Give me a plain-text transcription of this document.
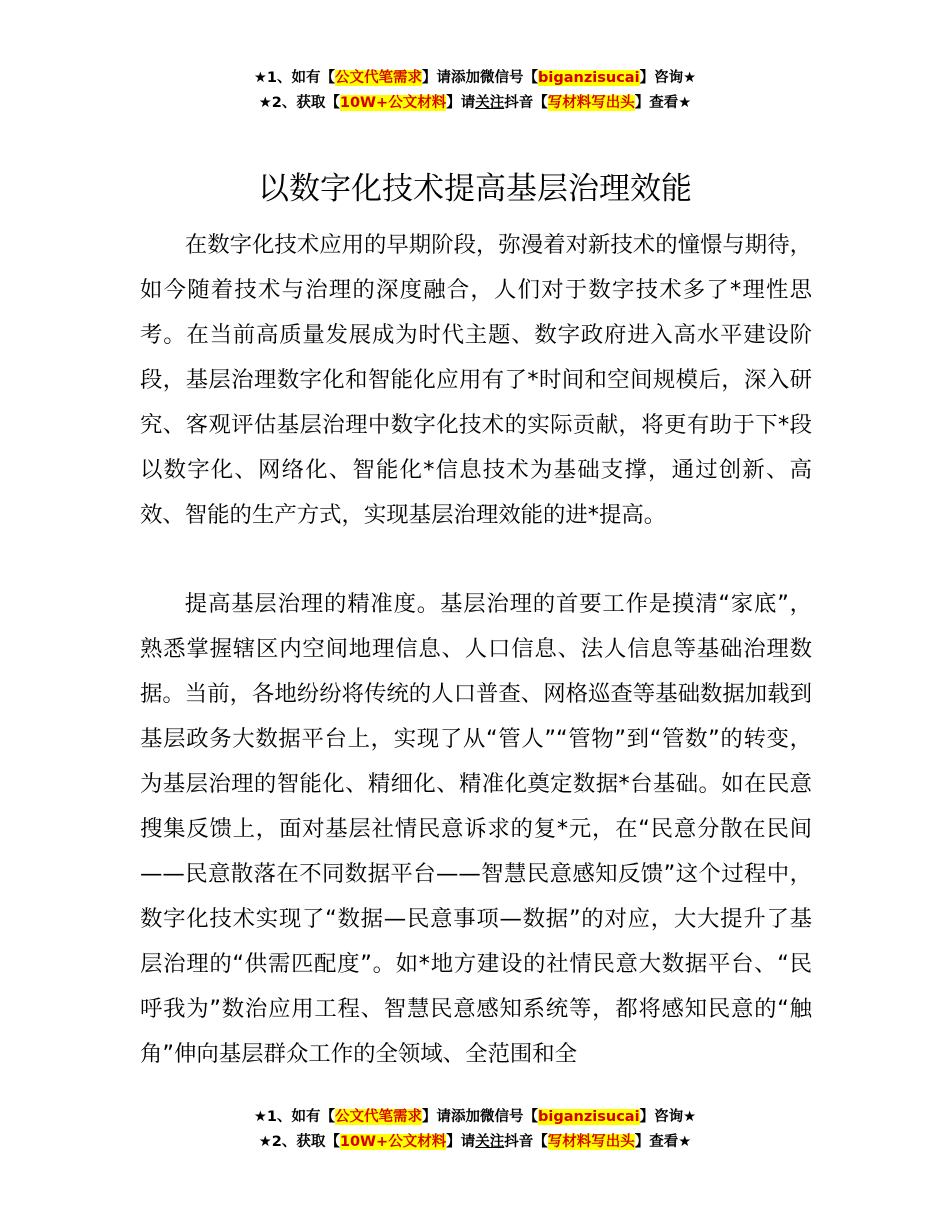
★1、如有【公文代笔需求】请添加微信号【biganzisucai】咨询★
★2、获取【10W+公文材料】请关注抖音【写材料写出头】查看★
以数字化技术提高基层治理效能

在数字化技术应用的早期阶段，弥漫着对新技术的憧憬与期待，如今随着技术与治理的深度融合，人们对于数字技术多了*理性思考。在当前高质量发展成为时代主题、数字政府进入高水平建设阶段，基层治理数字化和智能化应用有了*时间和空间规模后，深入研究、客观评估基层治理中数字化技术的实际贡献，将更有助于下*段以数字化、网络化、智能化*信息技术为基础支撑，通过创新、高效、智能的生产方式，实现基层治理效能的进*提高。

提高基层治理的精准度。基层治理的首要工作是摸清“家底”，熟悉掌握辖区内空间地理信息、人口信息、法人信息等基础治理数据。当前，各地纷纷将传统的人口普查、网格巡查等基础数据加载到基层政务大数据平台上，实现了从“管人”“管物”到“管数”的转变，为基层治理的智能化、精细化、精准化奠定数据*台基础。如在民意搜集反馈上，面对基层社情民意诉求的复*元，在“民意分散在民间——民意散落在不同数据平台——智慧民意感知反馈”这个过程中，数字化技术实现了“数据—民意事项—数据”的对应，大大提升了基层治理的“供需匹配度”。如*地方建设的社情民意大数据平台、“民呼我为”数治应用工程、智慧民意感知系统等，都将感知民意的“触角”伸向基层群众工作的全领域、全范围和全

★1、如有【公文代笔需求】请添加微信号【biganzisucai】咨询★
★2、获取【10W+公文材料】请关注抖音【写材料写出头】查看★
